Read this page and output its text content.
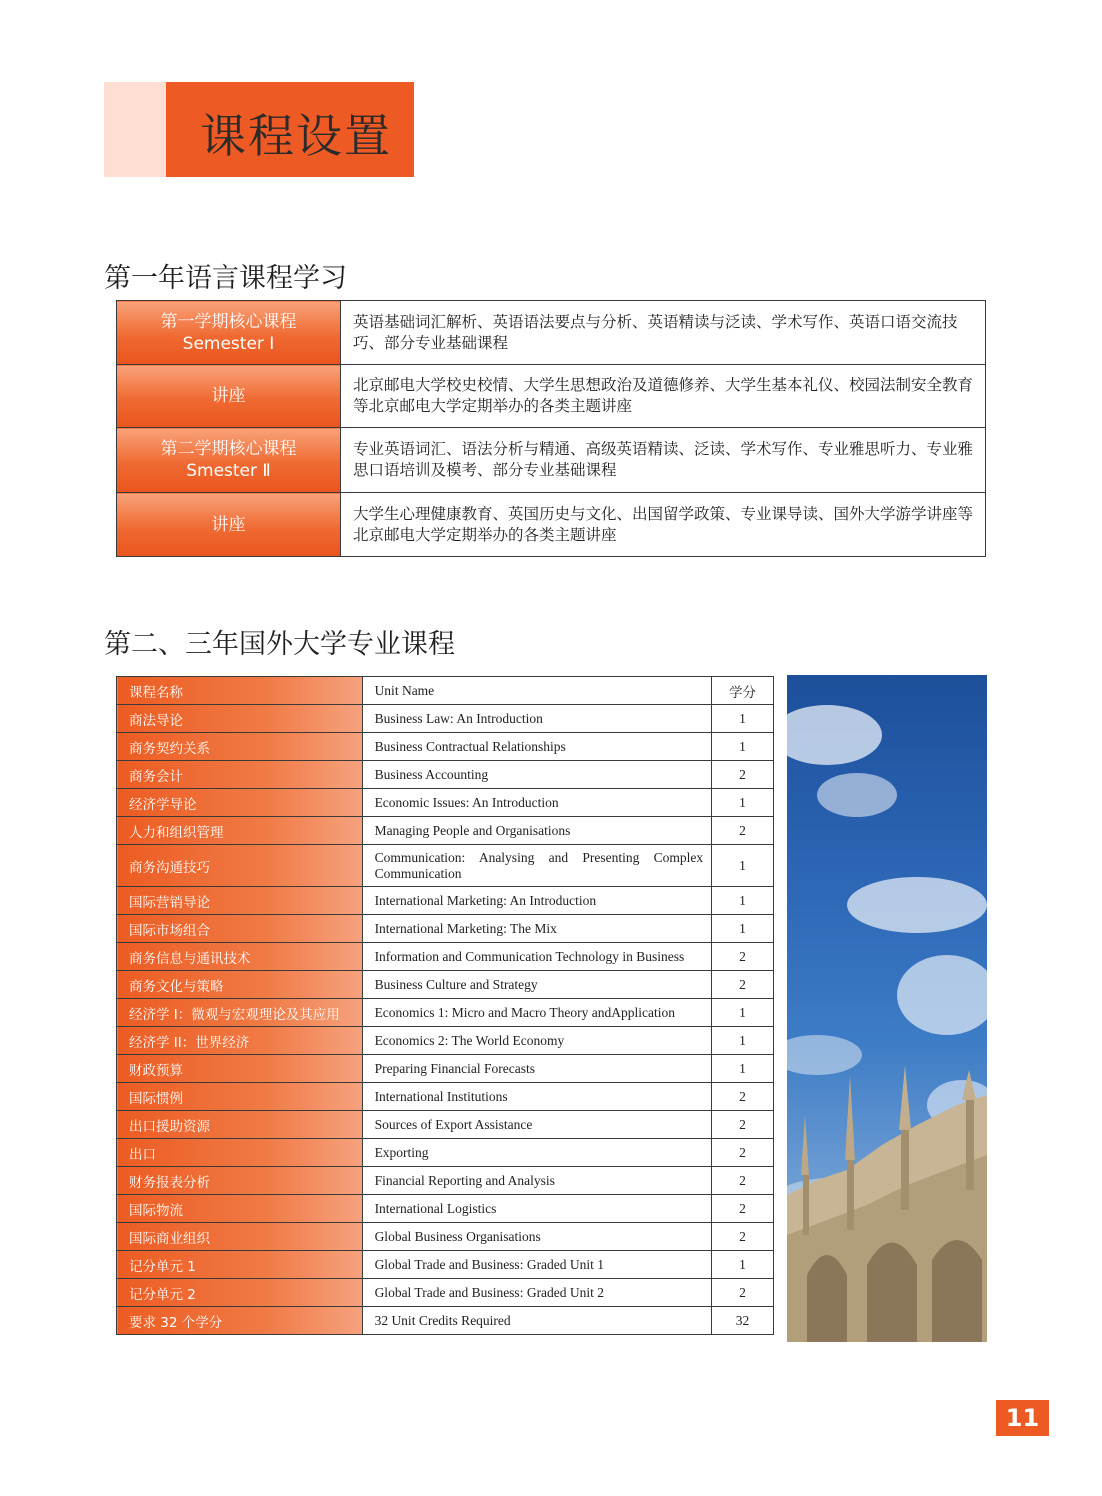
课程设置
第一年语言课程学习
第一学期核心课程
Semester Ⅰ	英语基础词汇解析、英语语法要点与分析、英语精读与泛读、学术写作、英语口语交流技巧、部分专业基础课程

讲座	北京邮电大学校史校情、大学生思想政治及道德修养、大学生基本礼仪、校园法制安全教育等北京邮电大学定期举办的各类主题讲座

第二学期核心课程
Smester Ⅱ	专业英语词汇、语法分析与精通、高级英语精读、泛读、学术写作、专业雅思听力、专业雅思口语培训及模考、部分专业基础课程

讲座	大学生心理健康教育、英国历史与文化、出国留学政策、专业课导读、国外大学游学讲座等北京邮电大学定期举办的各类主题讲座
第二、三年国外大学专业课程
课程名称	Unit Name	学分
商法导论	Business Law: An Introduction	1
商务契约关系	Business Contractual Relationships	1
商务会计	Business Accounting	2
经济学导论	Economic Issues: An Introduction	1
人力和组织管理	Managing People and Organisations	2
商务沟通技巧	Communication: Analysing and Presenting Complex Communication	1
国际营销导论	International Marketing: An Introduction	1
国际市场组合	International Marketing: The Mix	1
商务信息与通讯技术	Information and Communication Technology in Business	2
商务文化与策略	Business Culture and Strategy	2
经济学 I：微观与宏观理论及其应用	Economics 1: Micro and Macro Theory andApplication	1
经济学 II：世界经济	Economics 2: The World Economy	1
财政预算	Preparing Financial Forecasts	1
国际惯例	International Institutions	2
出口援助资源	Sources of Export Assistance	2
出口	Exporting	2
财务报表分析	Financial Reporting and Analysis	2
国际物流	International Logistics	2
国际商业组织	Global Business Organisations	2
记分单元 1	Global Trade and Business: Graded Unit 1	1
记分单元 2	Global Trade and Business: Graded Unit 2	2
要求 32 个学分	32 Unit Credits Required	32
11
